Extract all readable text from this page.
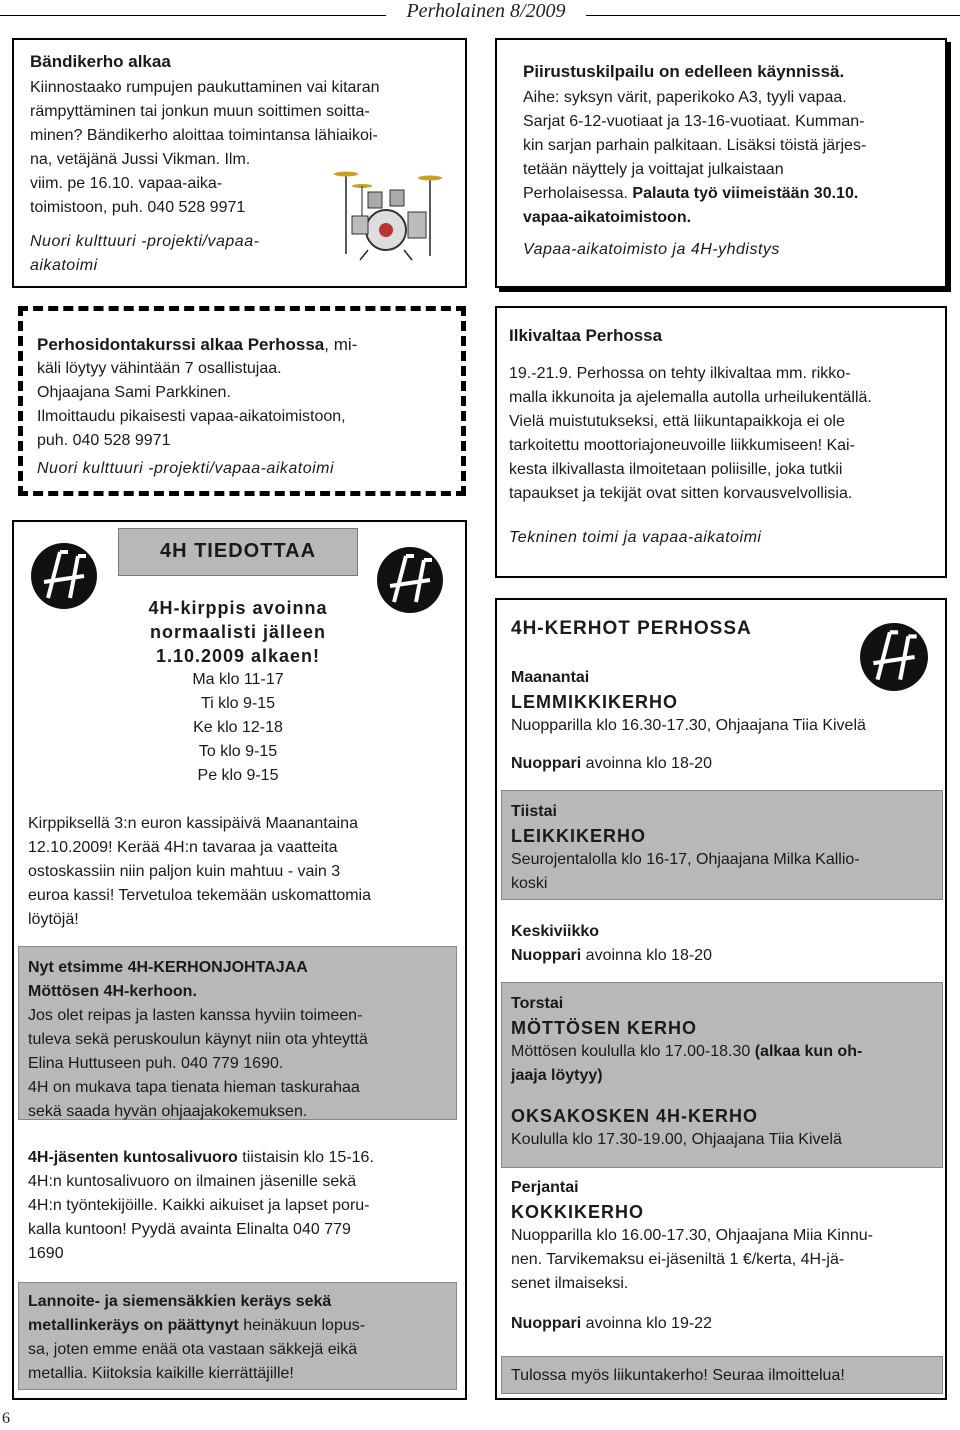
Perholainen 8/2009

Bändikerho alkaa

Kiinnostaako rumpujen paukuttaminen vai kitaran

rämpyttäminen tai jonkun muun soittimen soitta-

minen? Bändikerho aloittaa toimintansa lähiaikoi-

na, vetäjänä Jussi Vikman. Ilm.

viim. pe 16.10. vapaa-aika-

toimistoon, puh. 040 528 9971

Nuori kulttuuri -projekti/vapaa-

aikatoimi

Piirustuskilpailu on edelleen käynnissä.

Aihe: syksyn värit, paperikoko A3, tyyli vapaa.

Sarjat 6-12-vuotiaat ja 13-16-vuotiaat. Kumman-

kin sarjan parhain palkitaan. Lisäksi töistä järjes-

tetään näyttely ja voittajat julkaistaan

Perholaisessa. Palauta työ viimeistään 30.10.

vapaa-aikatoimistoon.

Vapaa-aikatoimisto ja 4H-yhdistys

Perhosidontakurssi alkaa Perhossa, mi-

käli löytyy vähintään 7 osallistujaa.

Ohjaajana Sami Parkkinen.

Ilmoittaudu pikaisesti vapaa-aikatoimistoon,

puh. 040 528 9971

Nuori kulttuuri -projekti/vapaa-aikatoimi

Ilkivaltaa Perhossa

19.-21.9. Perhossa on tehty ilkivaltaa mm. rikko-

malla ikkunoita ja ajelemalla autolla urheilukentällä.

Vielä muistutukseksi, että liikuntapaikkoja ei ole

tarkoitettu moottoriajoneuvoille liikkumiseen! Kai-

kesta ilkivallasta ilmoitetaan poliisille, joka tutkii

tapaukset ja tekijät ovat sitten korvausvelvollisia.

Tekninen toimi ja vapaa-aikatoimi

4H TIEDOTTAA

4H-kirppis avoinna

normaalisti jälleen

1.10.2009 alkaen!

Ma klo 11-17

Ti klo 9-15

Ke klo 12-18

To klo 9-15

Pe klo 9-15

Kirppiksellä 3:n euron kassipäivä Maanantaina

12.10.2009! Kerää 4H:n tavaraa ja vaatteita

ostoskassiin niin paljon kuin mahtuu - vain 3

euroa kassi! Tervetuloa tekemään uskomattomia

löytöjä!

Nyt etsimme 4H-KERHONJOHTAJAA

Möttösen 4H-kerhoon.

Jos olet reipas ja lasten kanssa hyviin toimeen-

tuleva sekä peruskoulun käynyt niin ota yhteyttä

Elina Huttuseen puh. 040 779 1690.

4H on mukava tapa tienata hieman taskurahaa

sekä saada hyvän ohjaajakokemuksen.

4H-jäsenten kuntosalivuoro tiistaisin klo 15-16.

4H:n kuntosalivuoro on ilmainen jäsenille sekä

4H:n työntekijöille. Kaikki aikuiset ja lapset poru-

kalla kuntoon! Pyydä avainta Elinalta 040 779

1690

Lannoite- ja siemensäkkien keräys sekä

metallinkeräys on päättynyt heinäkuun lopus-

sa, joten emme enää ota vastaan säkkejä eikä

metallia. Kiitoksia kaikille kierrättäjille!

4H-KERHOT PERHOSSA

Maanantai

LEMMIKKIKERHO

Nuopparilla klo 16.30-17.30, Ohjaajana Tiia Kivelä

Nuoppari avoinna klo 18-20

Tiistai

LEIKKIKERHO

Seurojentalolla klo 16-17, Ohjaajana Milka Kallio-

koski

Keskiviikko

Nuoppari avoinna klo 18-20

Torstai

MÖTTÖSEN KERHO

Möttösen koululla klo 17.00-18.30 (alkaa kun oh-

jaaja löytyy)

OKSAKOSKEN 4H-KERHO

Koululla klo 17.30-19.00, Ohjaajana Tiia Kivelä

Perjantai

KOKKIKERHO

Nuopparilla klo 16.00-17.30, Ohjaajana Miia Kinnu-

nen. Tarvikemaksu ei-jäseniltä 1 €/kerta, 4H-jä-

senet ilmaiseksi.

Nuoppari avoinna klo 19-22

Tulossa myös liikuntakerho! Seuraa ilmoittelua!

6
